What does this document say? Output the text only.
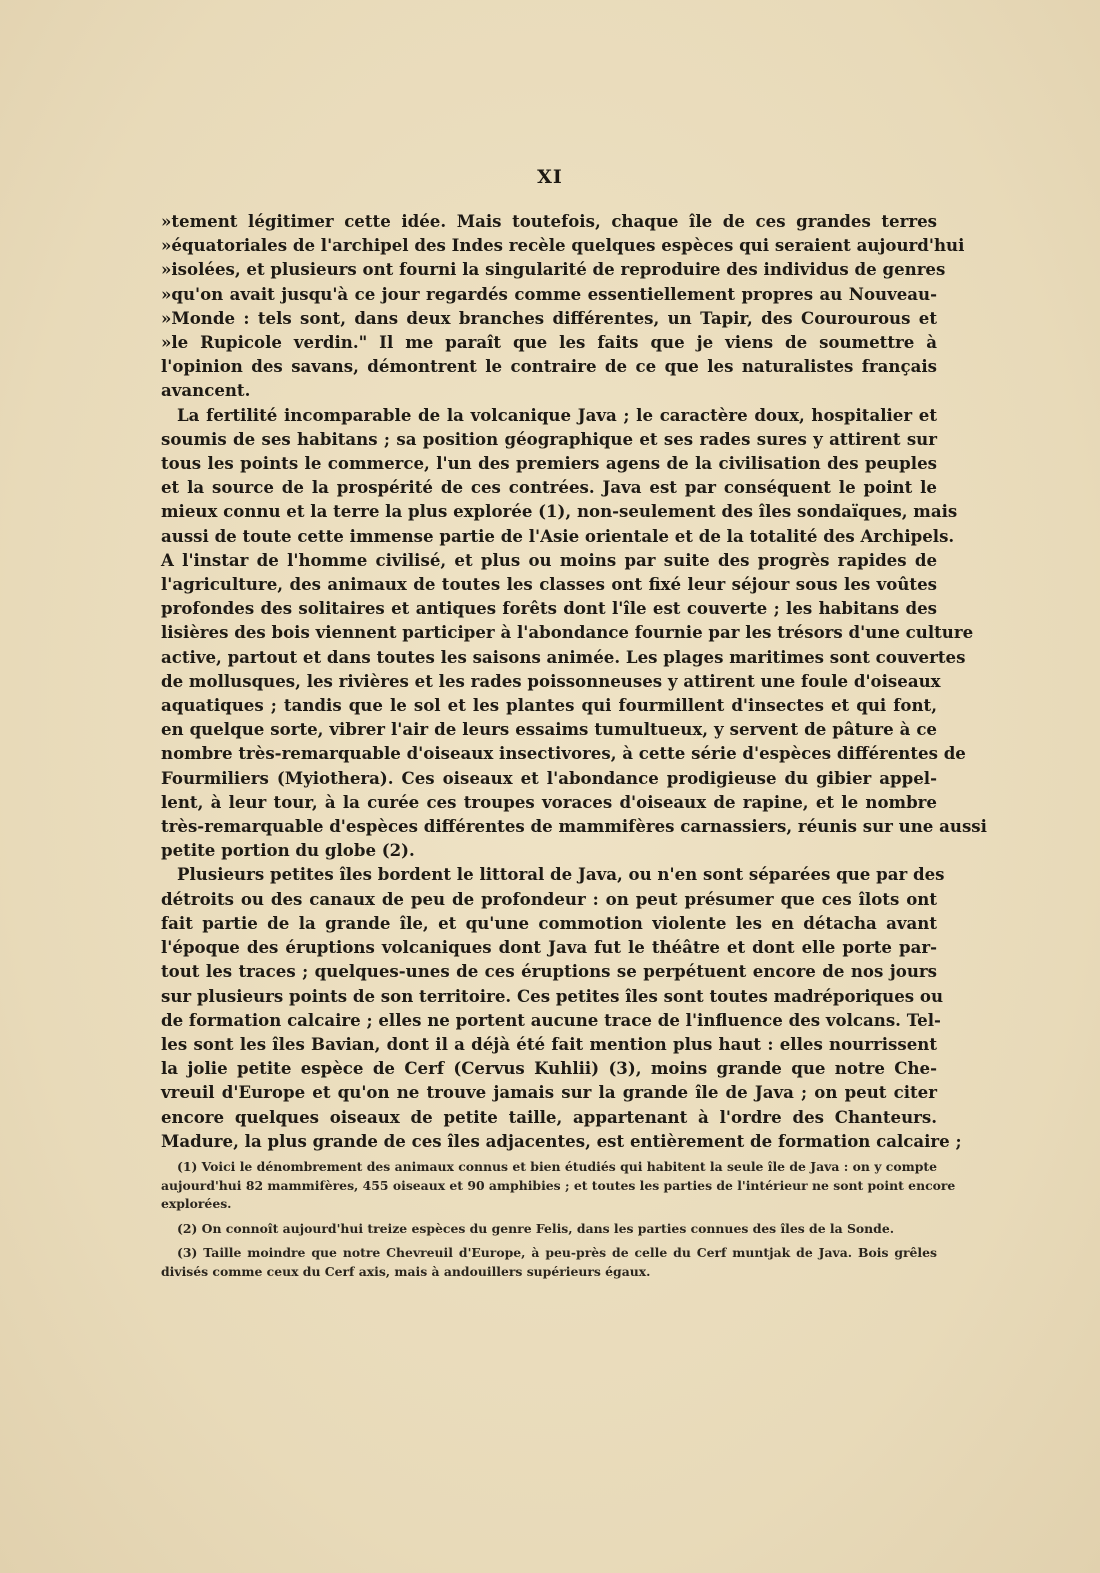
XI
»tement légitimer cette idée. Mais toutefois, chaque île de ces grandes terres
»équatoriales de l'archipel des Indes recèle quelques espèces qui seraient aujourd'hui
»isolées, et plusieurs ont fourni la singularité de reproduire des individus de genres
»qu'on avait jusqu'à ce jour regardés comme essentiellement propres au Nouveau-
»Monde : tels sont, dans deux branches différentes, un Tapir, des Courourous et
»le Rupicole verdin." Il me paraît que les faits que je viens de soumettre à
l'opinion des savans, démontrent le contraire de ce que les naturalistes français
avancent.
La fertilité incomparable de la volcanique Java ; le caractère doux, hospitalier et
soumis de ses habitans ; sa position géographique et ses rades sures y attirent sur
tous les points le commerce, l'un des premiers agens de la civilisation des peuples
et la source de la prospérité de ces contrées. Java est par conséquent le point le
mieux connu et la terre la plus explorée (1), non-seulement des îles sondaïques, mais
aussi de toute cette immense partie de l'Asie orientale et de la totalité des Archipels.
A l'instar de l'homme civilisé, et plus ou moins par suite des progrès rapides de
l'agriculture, des animaux de toutes les classes ont fixé leur séjour sous les voûtes
profondes des solitaires et antiques forêts dont l'île est couverte ; les habitans des
lisières des bois viennent participer à l'abondance fournie par les trésors d'une culture
active, partout et dans toutes les saisons animée. Les plages maritimes sont couvertes
de mollusques, les rivières et les rades poissonneuses y attirent une foule d'oiseaux
aquatiques ; tandis que le sol et les plantes qui fourmillent d'insectes et qui font,
en quelque sorte, vibrer l'air de leurs essaims tumultueux, y servent de pâture à ce
nombre très-remarquable d'oiseaux insectivores, à cette série d'espèces différentes de
Fourmiliers (Myiothera). Ces oiseaux et l'abondance prodigieuse du gibier appel-
lent, à leur tour, à la curée ces troupes voraces d'oiseaux de rapine, et le nombre
très-remarquable d'espèces différentes de mammifères carnassiers, réunis sur une aussi
petite portion du globe (2).
Plusieurs petites îles bordent le littoral de Java, ou n'en sont séparées que par des
détroits ou des canaux de peu de profondeur : on peut présumer que ces îlots ont
fait partie de la grande île, et qu'une commotion violente les en détacha avant
l'époque des éruptions volcaniques dont Java fut le théâtre et dont elle porte par-
tout les traces ; quelques-unes de ces éruptions se perpétuent encore de nos jours
sur plusieurs points de son territoire. Ces petites îles sont toutes madréporiques ou
de formation calcaire ; elles ne portent aucune trace de l'influence des volcans. Tel-
les sont les îles Bavian, dont il a déjà été fait mention plus haut : elles nourrissent
la jolie petite espèce de Cerf (Cervus Kuhlii) (3), moins grande que notre Che-
vreuil d'Europe et qu'on ne trouve jamais sur la grande île de Java ; on peut citer
encore quelques oiseaux de petite taille, appartenant à l'ordre des Chanteurs.
Madure, la plus grande de ces îles adjacentes, est entièrement de formation calcaire ;
(1) Voici le dénombrement des animaux connus et bien étudiés qui habitent la seule île de Java : on y compte
aujourd'hui 82 mammifères, 455 oiseaux et 90 amphibies ; et toutes les parties de l'intérieur ne sont point encore
explorées.
(2) On connoît aujourd'hui treize espèces du genre Felis, dans les parties connues des îles de la Sonde.
(3) Taille moindre que notre Chevreuil d'Europe, à peu-près de celle du Cerf muntjak de Java. Bois grêles
divisés comme ceux du Cerf axis, mais à andouillers supérieurs égaux.
